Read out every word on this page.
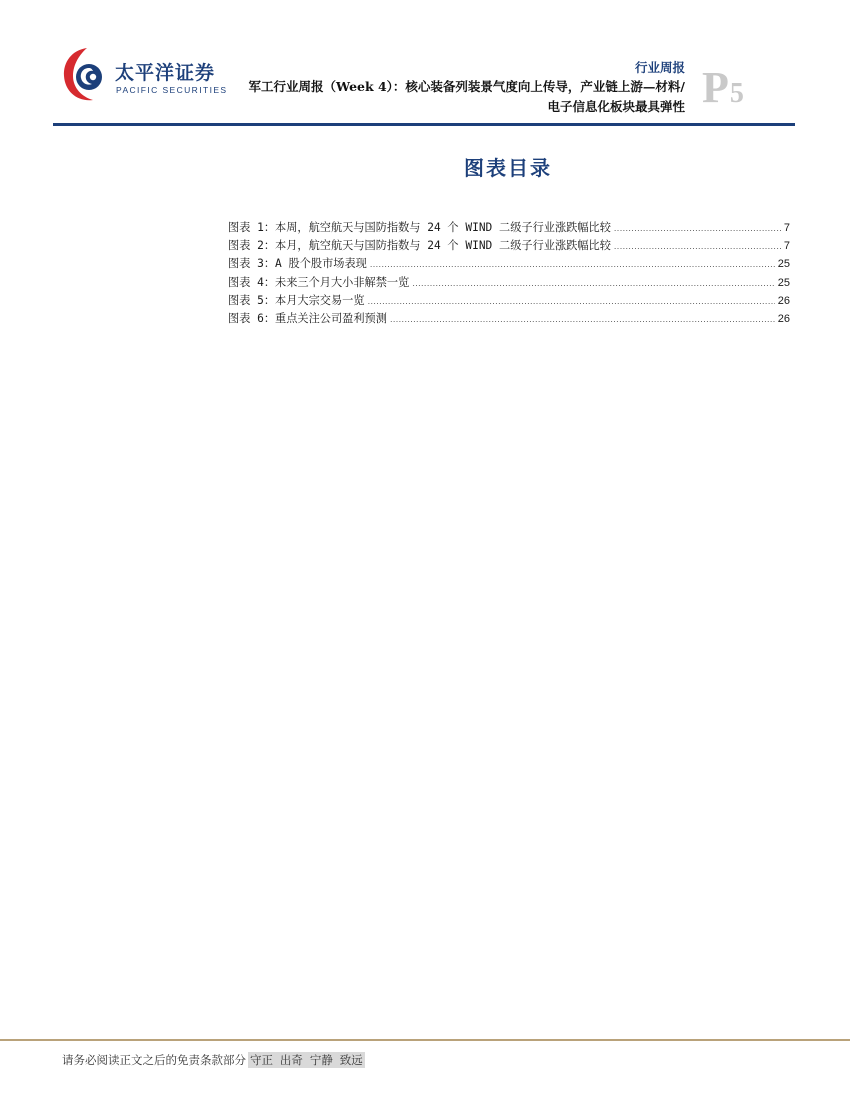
太平洋证券
PACIFIC SECURITIES
行业周报
军工行业周报（Week 4）：核心装备列装景气度向上传导，产业链上游—材料/电子信息化板块最具弹性 P5
图表目录
图表 1： 本周，航空航天与国防指数与 24 个 WIND 二级子行业涨跌幅比较 .....	7
图表 2： 本月，航空航天与国防指数与 24 个 WIND 二级子行业涨跌幅比较 .....	7
图表 3： A 股个股市场表现 .....	25
图表 4： 未来三个月大小非解禁一览 .....	25
图表 5： 本月大宗交易一览 .....	26
图表 6： 重点关注公司盈利预测 .....	26
请务必阅读正文之后的免责条款部分 守正 出奇 宁静 致远
